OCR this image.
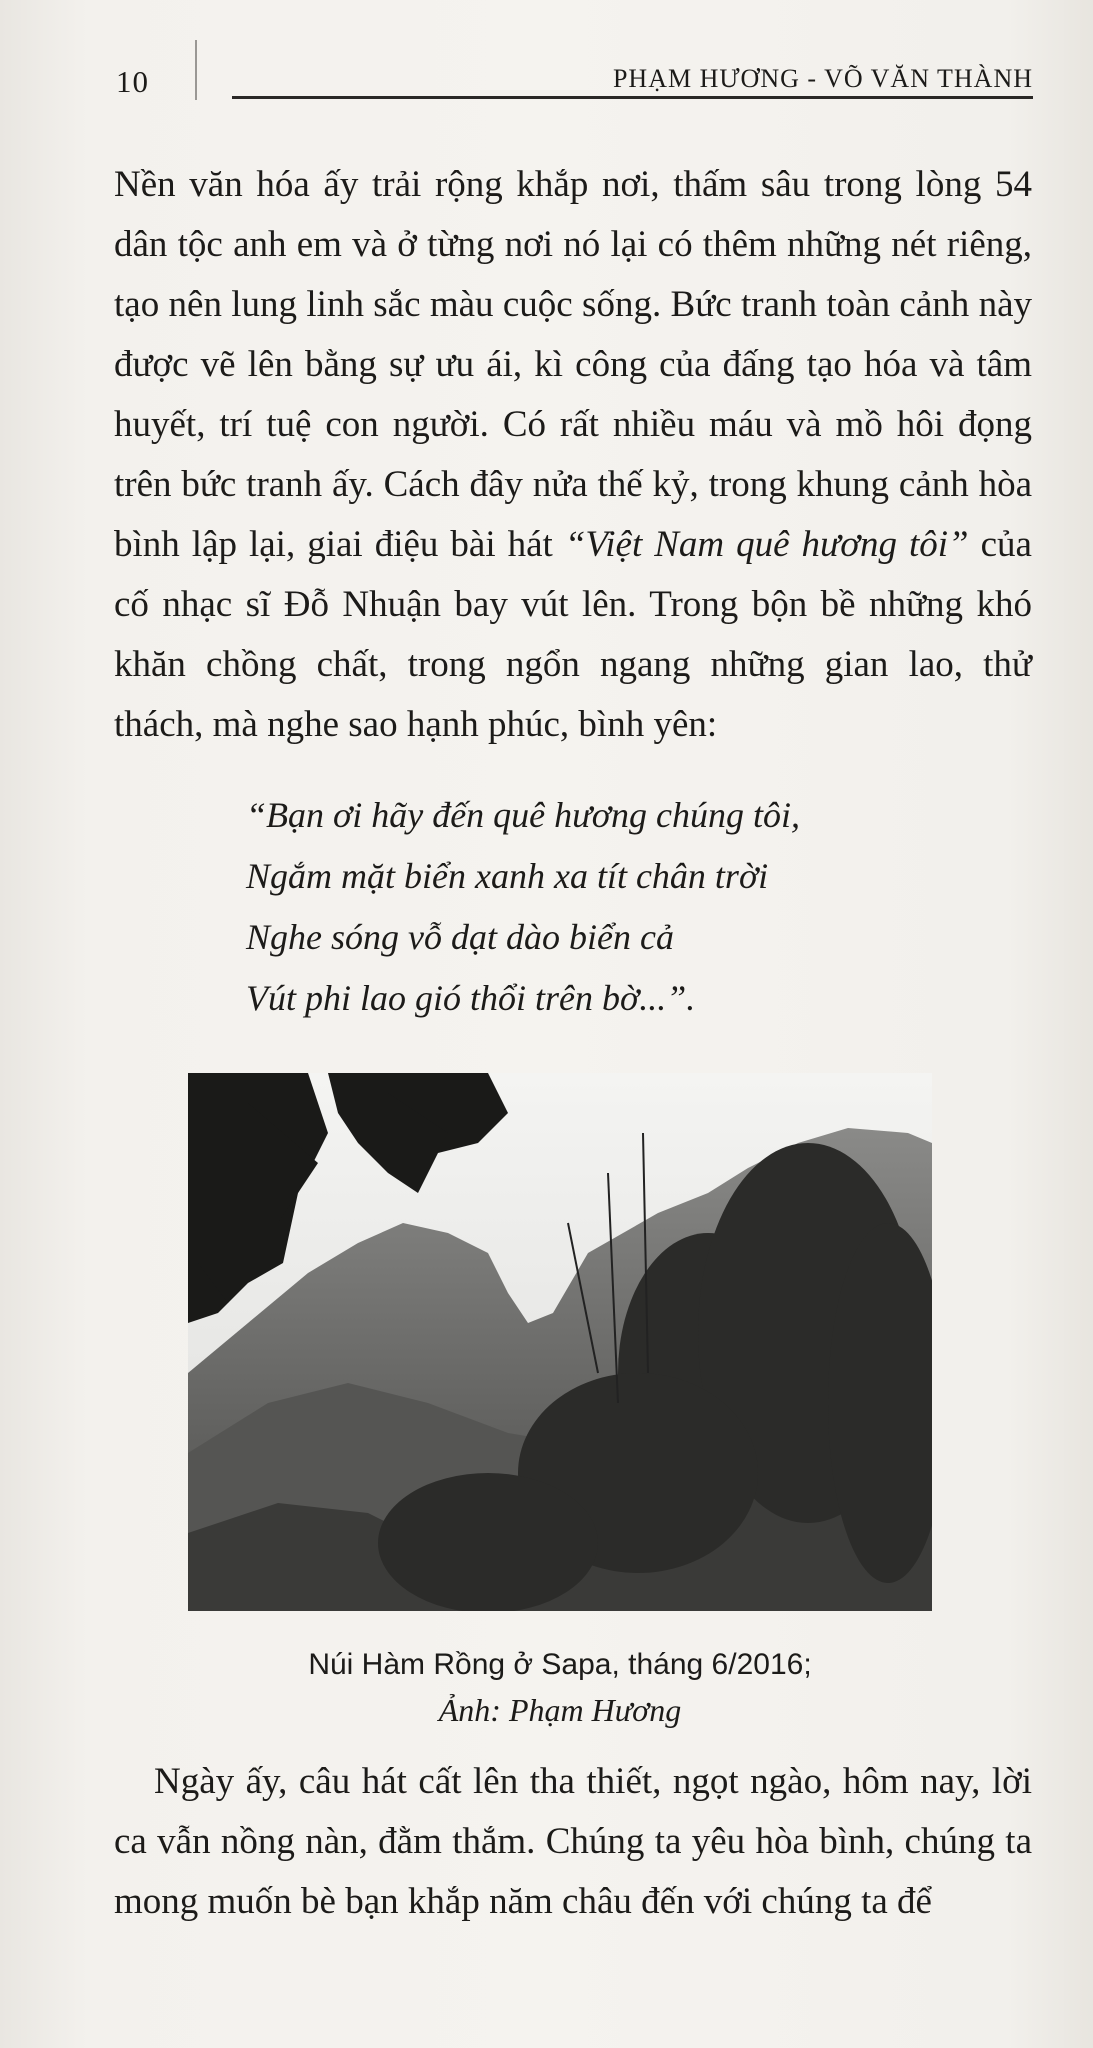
10	PHẠM HƯƠNG - VÕ VĂN THÀNH

Nền văn hóa ấy trải rộng khắp nơi, thấm sâu trong lòng 54 dân tộc anh em và ở từng nơi nó lại có thêm những nét riêng, tạo nên lung linh sắc màu cuộc sống. Bức tranh toàn cảnh này được vẽ lên bằng sự ưu ái, kì công của đấng tạo hóa và tâm huyết, trí tuệ con người. Có rất nhiều máu và mồ hôi đọng trên bức tranh ấy. Cách đây nửa thế kỷ, trong khung cảnh hòa bình lập lại, giai điệu bài hát “Việt Nam quê hương tôi” của cố nhạc sĩ Đỗ Nhuận bay vút lên. Trong bộn bề những khó khăn chồng chất, trong ngổn ngang những gian lao, thử thách, mà nghe sao hạnh phúc, bình yên:

“Bạn ơi hãy đến quê hương chúng tôi,
Ngắm mặt biển xanh xa tít chân trời
Nghe sóng vỗ dạt dào biển cả
Vút phi lao gió thổi trên bờ...”.
Núi Hàm Rồng ở Sapa, tháng 6/2016;
Ảnh: Phạm Hương

Ngày ấy, câu hát cất lên tha thiết, ngọt ngào, hôm nay, lời ca vẫn nồng nàn, đằm thắm. Chúng ta yêu hòa bình, chúng ta mong muốn bè bạn khắp năm châu đến với chúng ta để
